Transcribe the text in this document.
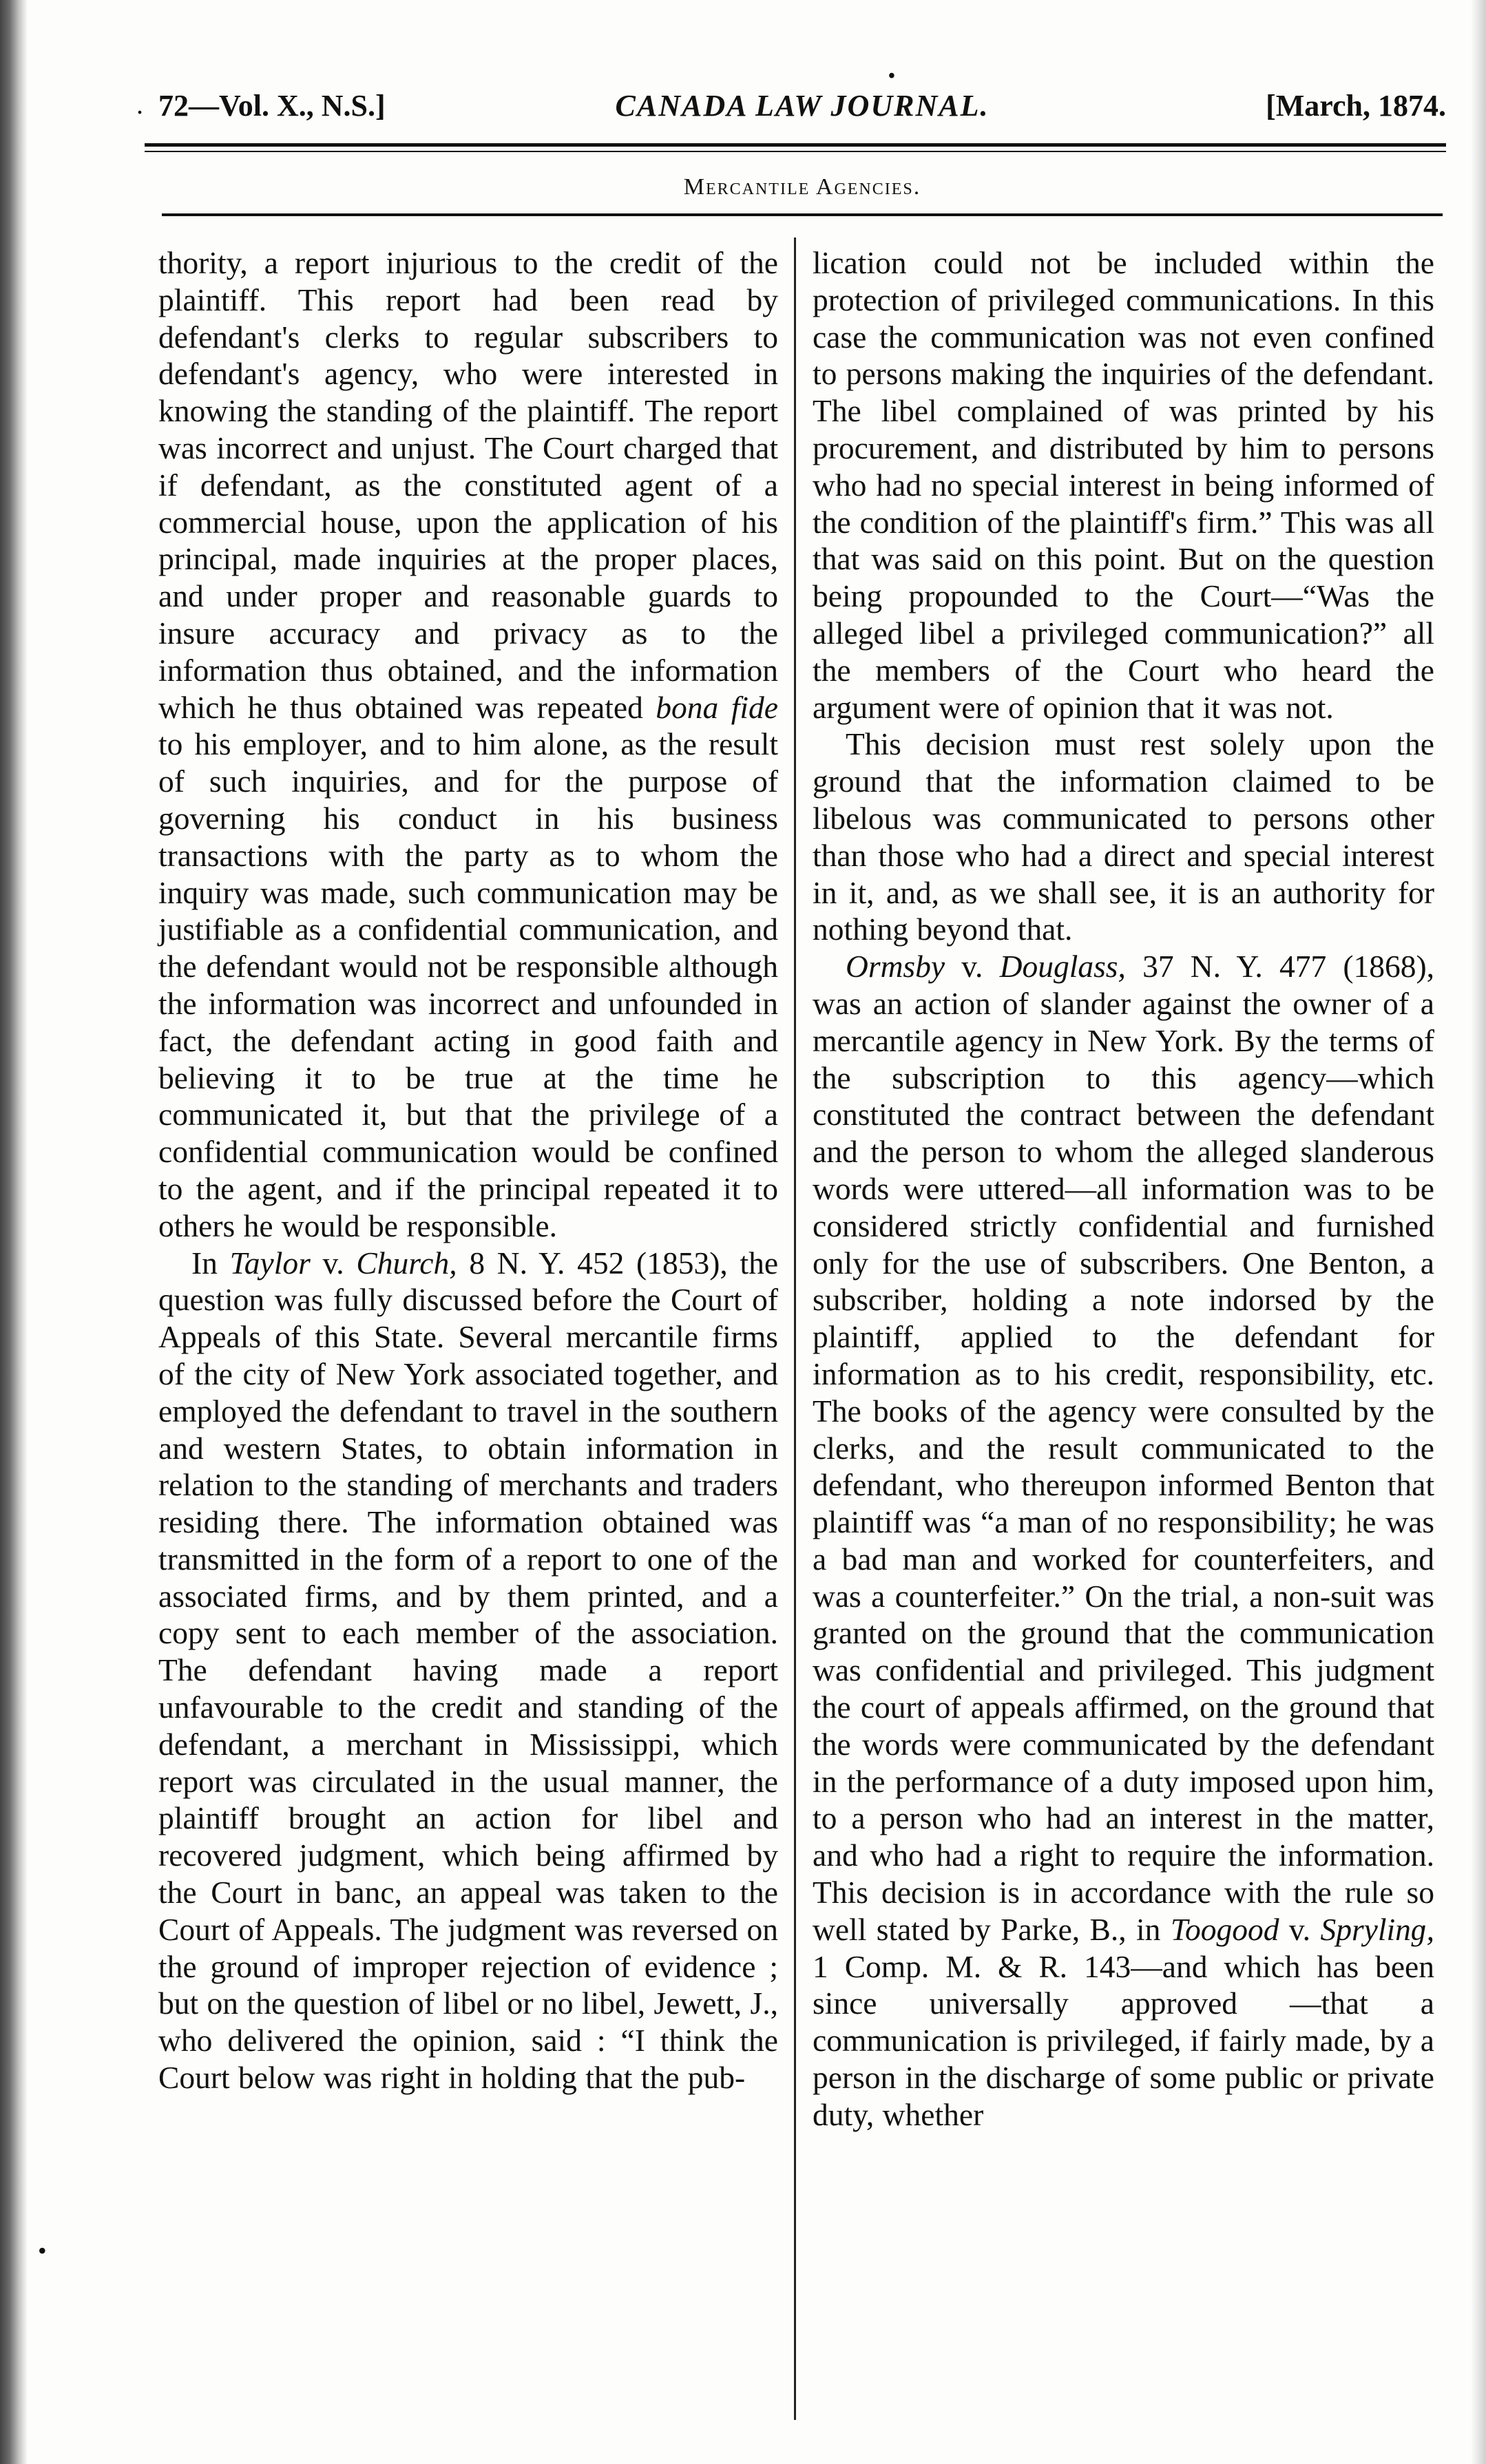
•
. 72—Vol. X., N.S.]	CANADA LAW JOURNAL.	[March, 1874.
Mercantile Agencies.

thority, a report injurious to the credit of the plaintiff. This report had been read by defendant's clerks to regular subscribers to defendant's agency, who were interested in knowing the standing of the plaintiff. The report was incorrect and unjust. The Court charged that if defendant, as the constituted agent of a commercial house, upon the application of his principal, made inquiries at the proper places, and under proper and reasonable guards to insure accuracy and privacy as to the information thus obtained, and the information which he thus obtained was repeated bona fide to his employer, and to him alone, as the result of such inquiries, and for the purpose of governing his conduct in his business transactions with the party as to whom the inquiry was made, such communication may be justifiable as a confidential communication, and the defendant would not be responsible although the information was incorrect and unfounded in fact, the defendant acting in good faith and believing it to be true at the time he communicated it, but that the privilege of a confidential communication would be confined to the agent, and if the principal repeated it to others he would be responsible.

In Taylor v. Church, 8 N. Y. 452 (1853), the question was fully discussed before the Court of Appeals of this State. Several mercantile firms of the city of New York associated together, and employed the defendant to travel in the southern and western States, to obtain information in relation to the standing of merchants and traders residing there. The information obtained was transmitted in the form of a report to one of the associated firms, and by them printed, and a copy sent to each member of the association. The defendant having made a report unfavourable to the credit and standing of the defendant, a merchant in Mississippi, which report was circulated in the usual manner, the plaintiff brought an action for libel and recovered judgment, which being affirmed by the Court in banc, an appeal was taken to the Court of Appeals. The judgment was reversed on the ground of improper rejection of evidence ; but on the question of libel or no libel, Jewett, J., who delivered the opinion, said : “I think the Court below was right in holding that the pub-

lication could not be included within the protection of privileged communications. In this case the communication was not even confined to persons making the inquiries of the defendant. The libel complained of was printed by his procurement, and distributed by him to persons who had no special interest in being informed of the condition of the plaintiff's firm.” This was all that was said on this point. But on the question being propounded to the Court—“Was the alleged libel a privileged communication?” all the members of the Court who heard the argument were of opinion that it was not.

This decision must rest solely upon the ground that the information claimed to be libelous was communicated to persons other than those who had a direct and special interest in it, and, as we shall see, it is an authority for nothing beyond that.

Ormsby v. Douglass, 37 N. Y. 477 (1868), was an action of slander against the owner of a mercantile agency in New York. By the terms of the subscription to this agency—which constituted the contract between the defendant and the person to whom the alleged slanderous words were uttered—all information was to be considered strictly confidential and furnished only for the use of subscribers. One Benton, a subscriber, holding a note indorsed by the plaintiff, applied to the defendant for information as to his credit, responsibility, etc. The books of the agency were consulted by the clerks, and the result communicated to the defendant, who thereupon informed Benton that plaintiff was “a man of no responsibility; he was a bad man and worked for counterfeiters, and was a counterfeiter.” On the trial, a non-suit was granted on the ground that the communication was confidential and privileged. This judgment the court of appeals affirmed, on the ground that the words were communicated by the defendant in the performance of a duty imposed upon him, to a person who had an interest in the matter, and who had a right to require the information. This decision is in accordance with the rule so well stated by Parke, B., in Toogood v. Sprylinɡ, 1 Comp. M. & R. 143—and which has been since universally approved —that a communication is privileged, if fairly made, by a person in the discharge of some public or private duty, whether

•
